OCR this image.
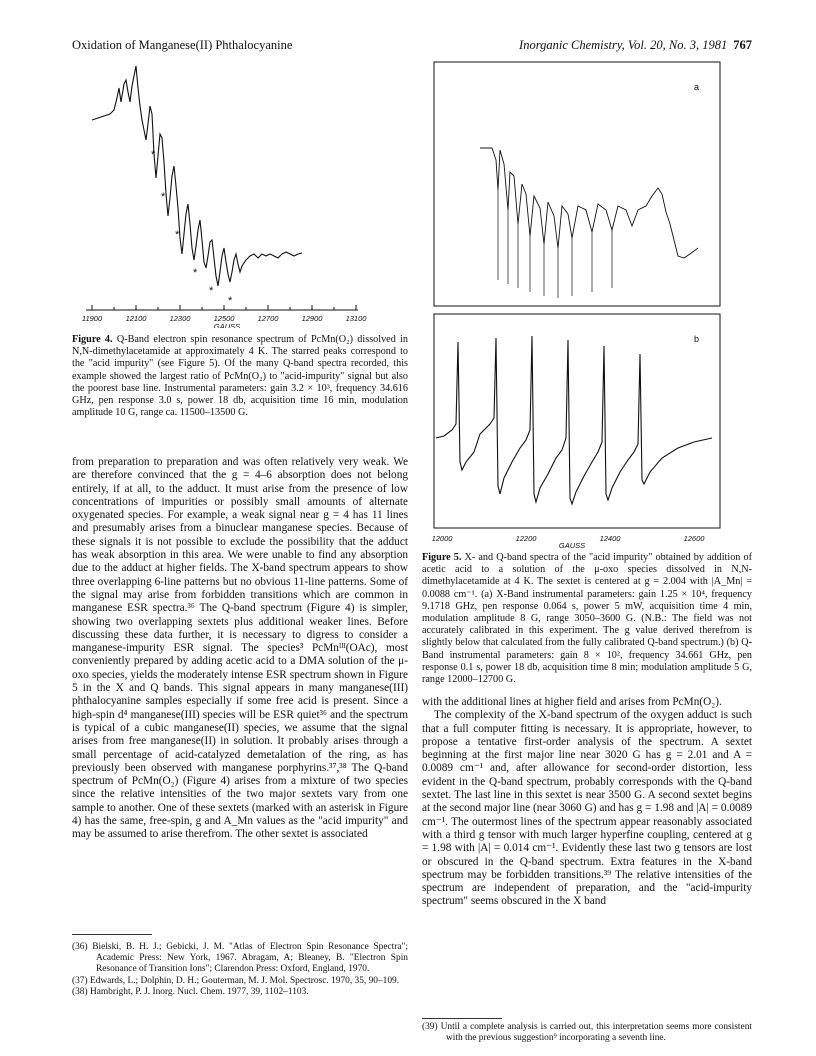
Oxidation of Manganese(II) Phthalocyanine	Inorganic Chemistry, Vol. 20, No. 3, 1981 767
*
*
*
*
*
*
11900	12100	12300	12500	12700	12900	13100
GAUSS
Figure 4. Q-Band electron spin resonance spectrum of PcMn(O₂) dissolved in N,N-dimethylacetamide at approximately 4 K. The starred peaks correspond to the "acid impurity" (see Figure 5). Of the many Q-band spectra recorded, this example showed the largest ratio of PcMn(O₂) to "acid-impurity" signal but also the poorest base line. Instrumental parameters: gain 3.2 × 10³, frequency 34.616 GHz, pen response 3.0 s, power 18 db, acquisition time 16 min, modulation amplitude 10 G, range ca. 11500–13500 G.

from preparation to preparation and was often relatively very weak. We are therefore convinced that the g = 4–6 absorption does not belong entirely, if at all, to the adduct. It must arise from the presence of low concentrations of impurities or possibly small amounts of alternate oxygenated species. For example, a weak signal near g = 4 has 11 lines and presumably arises from a binuclear manganese species. Because of these signals it is not possible to exclude the possibility that the adduct has weak absorption in this area. We were unable to find any absorption due to the adduct at higher fields. The X-band spectrum appears to show three overlapping 6-line patterns but no obvious 11-line patterns. Some of the signal may arise from forbidden transitions which are common in manganese ESR spectra.³⁶ The Q-band spectrum (Figure 4) is simpler, showing two overlapping sextets plus additional weaker lines. Before discussing these data further, it is necessary to digress to consider a manganese-impurity ESR signal. The species³ PcMnᴵᴵᴵ(OAc), most conveniently prepared by adding acetic acid to a DMA solution of the μ-oxo species, yields the moderately intense ESR spectrum shown in Figure 5 in the X and Q bands. This signal appears in many manganese(III) phthalocyanine samples especially if some free acid is present. Since a high-spin d⁴ manganese(III) species will be ESR quiet³⁶ and the spectrum is typical of a cubic manganese(II) species, we assume that the signal arises from free manganese(II) in solution. It probably arises through a small percentage of acid-catalyzed demetalation of the ring, as has previously been observed with manganese porphyrins.³⁷,³⁸ The Q-band spectrum of PcMn(O₂) (Figure 4) arises from a mixture of two species since the relative intensities of the two major sextets vary from one sample to another. One of these sextets (marked with an asterisk in Figure 4) has the same, free-spin, g and A_Mn values as the "acid impurity" and may be assumed to arise therefrom. The other sextet is associated

(36) Bielski, B. H. J.; Gebicki, J. M. "Atlas of Electron Spin Resonance Spectra"; Academic Press: New York, 1967. Abragam, A; Bleaney, B. "Electron Spin Resonance of Transition Ions"; Clarendon Press: Oxford, England, 1970.
(37) Edwards, L.; Dolphin, D. H.; Gouterman, M. J. Mol. Spectrosc. 1970, 35, 90–109.
(38) Hambright, P. J. Inorg. Nucl. Chem. 1977, 39, 1102–1103.
a
b
12000	12200	12400	12600
GAUSS
Figure 5. X- and Q-band spectra of the "acid impurity" obtained by addition of acetic acid to a solution of the μ-oxo species dissolved in N,N-dimethylacetamide at 4 K. The sextet is centered at g = 2.004 with |A_Mn| = 0.0088 cm⁻¹. (a) X-Band instrumental parameters: gain 1.25 × 10⁴, frequency 9.1718 GHz, pen response 0.064 s, power 5 mW, acquisition time 4 min, modulation amplitude 8 G, range 3050–3600 G. (N.B.: The field was not accurately calibrated in this experiment. The g value derived therefrom is slightly below that calculated from the fully calibrated Q-band spectrum.) (b) Q-Band instrumental parameters: gain 8 × 10², frequency 34.661 GHz, pen response 0.1 s, power 18 db, acquisition time 8 min; modulation amplitude 5 G, range 12000–12700 G.

with the additional lines at higher field and arises from PcMn(O₂).

The complexity of the X-band spectrum of the oxygen adduct is such that a full computer fitting is necessary. It is appropriate, however, to propose a tentative first-order analysis of the spectrum. A sextet beginning at the first major line near 3020 G has g = 2.01 and A = 0.0089 cm⁻¹ and, after allowance for second-order distortion, less evident in the Q-band spectrum, probably corresponds with the Q-band sextet. The last line in this sextet is near 3500 G. A second sextet begins at the second major line (near 3060 G) and has g = 1.98 and |A| = 0.0089 cm⁻¹. The outermost lines of the spectrum appear reasonably associated with a third g tensor with much larger hyperfine coupling, centered at g = 1.98 with |A| = 0.014 cm⁻¹. Evidently these last two g tensors are lost or obscured in the Q-band spectrum. Extra features in the X-band spectrum may be forbidden transitions.³⁹ The relative intensities of the spectrum are independent of preparation, and the "acid-impurity spectrum" seems obscured in the X band

(39) Until a complete analysis is carried out, this interpretation seems more consistent with the previous suggestion⁹ incorporating a seventh line.
